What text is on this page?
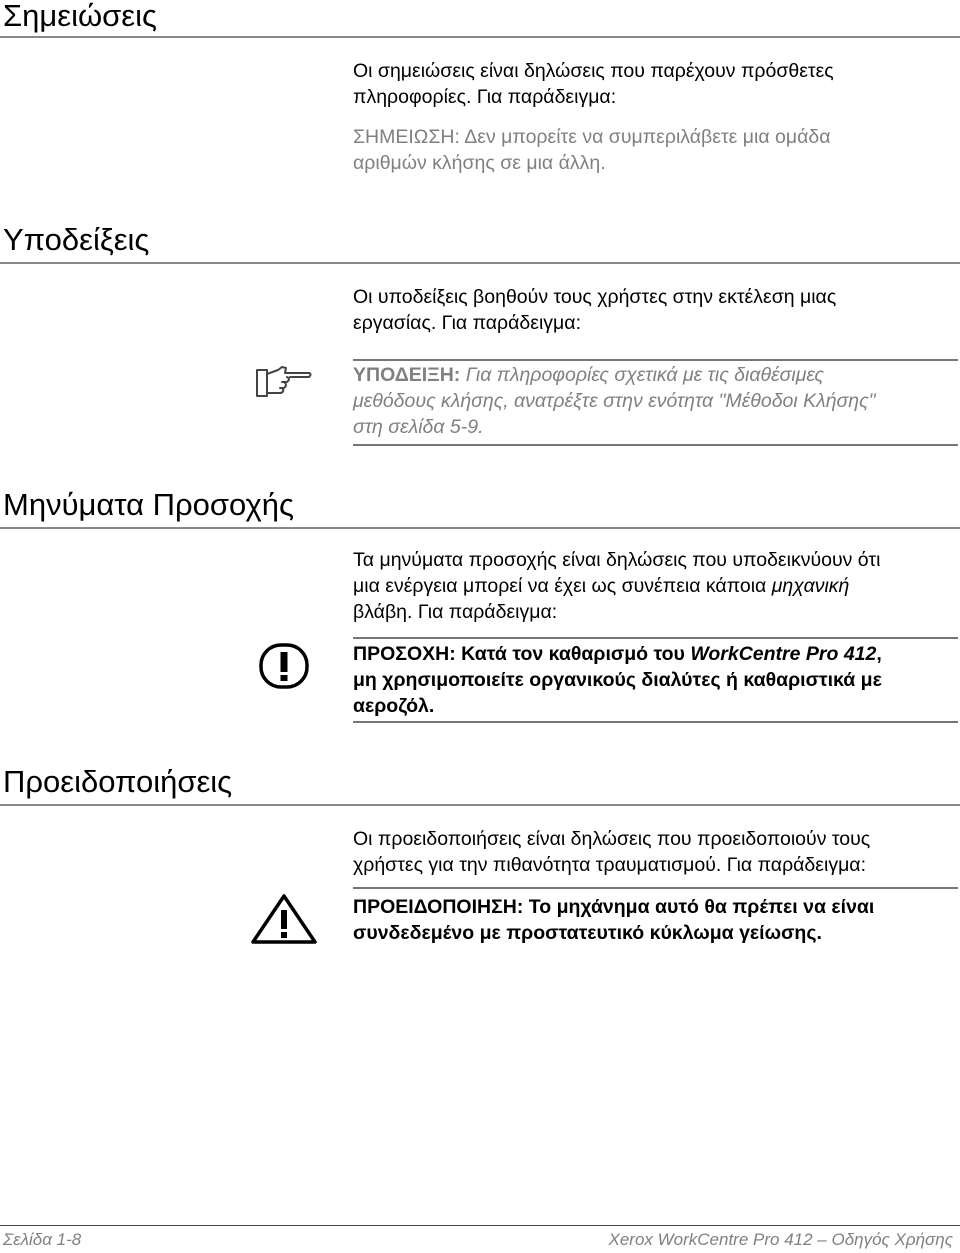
Σημειώσεις
Οι σημειώσεις είναι δηλώσεις που παρέχουν πρόσθετες
πληροφορίες. Για παράδειγμα:
ΣΗΜΕΙΩΣΗ: Δεν μπορείτε να συμπεριλάβετε μια ομάδα
αριθμών κλήσης σε μια άλλη.
Υποδείξεις
Οι υποδείξεις βοηθούν τους χρήστες στην εκτέλεση μιας
εργασίας. Για παράδειγμα:
ΥΠΟΔΕΙΞΗ: Για πληροφορίες σχετικά με τις διαθέσιμες
μεθόδους κλήσης, ανατρέξτε στην ενότητα "Μέθοδοι Κλήσης"
στη σελίδα 5-9.
Μηνύματα Προσοχής
Τα μηνύματα προσοχής είναι δηλώσεις που υποδεικνύουν ότι
μια ενέργεια μπορεί να έχει ως συνέπεια κάποια μηχανική
βλάβη. Για παράδειγμα:
ΠΡΟΣΟΧΗ: Κατά τον καθαρισμό του WorkCentre Pro 412,
μη χρησιμοποιείτε οργανικούς διαλύτες ή καθαριστικά με
αεροζόλ.
Προειδοποιήσεις
Οι προειδοποιήσεις είναι δηλώσεις που προειδοποιούν τους
χρήστες για την πιθανότητα τραυματισμού. Για παράδειγμα:
ΠΡΟΕΙΔΟΠΟΙΗΣΗ: Το μηχάνημα αυτό θα πρέπει να είναι
συνδεδεμένο με προστατευτικό κύκλωμα γείωσης.
Σελίδα 1-8	Xerox WorkCentre Pro 412 – Οδηγός Χρήσης
